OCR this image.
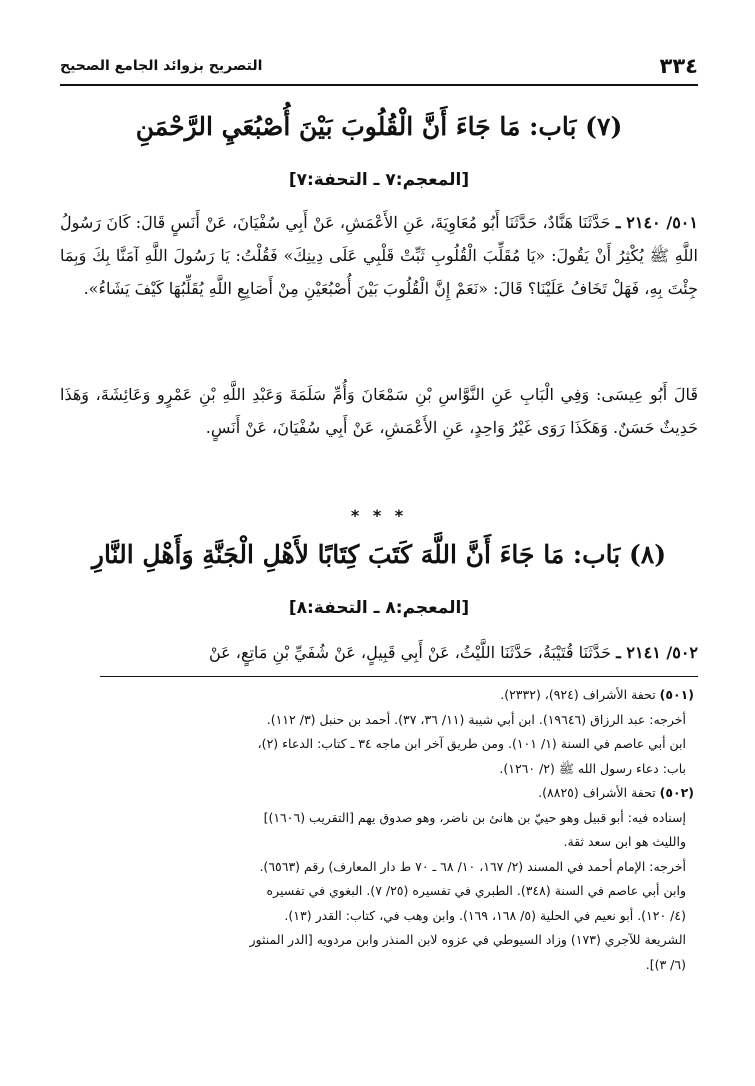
٣٣٤
التصريح بزوائد الجامع الصحيح
(٧) بَاب: مَا جَاءَ أَنَّ الْقُلُوبَ بَيْنَ أُصْبُعَيِ الرَّحْمَنِ
[المعجم:٧ ـ التحفة:٧]
٥٠١/ ٢١٤٠ ـ حَدَّثَنَا هَنَّادٌ، حَدَّثَنَا أَبُو مُعَاوِيَةَ، عَنِ الأَعْمَشِ، عَنْ أَبِي سُفْيَانَ، عَنْ أَنَسٍ قَالَ: كَانَ رَسُولُ اللَّهِ ﷺ يُكْثِرُ أَنْ يَقُولَ: «يَا مُقَلِّبَ الْقُلُوبِ ثَبِّتْ قَلْبِي عَلَى دِينِكَ» فَقُلْتُ: يَا رَسُولَ اللَّهِ آمَنَّا بِكَ وَبِمَا جِئْتَ بِهِ، فَهَلْ تَخَافُ عَلَيْنَا؟ قَالَ: «نَعَمْ إِنَّ الْقُلُوبَ بَيْنَ أُصْبُعَيْنِ مِنْ أَصَابِعِ اللَّهِ يُقَلِّبُهَا كَيْفَ يَشَاءُ».
قَالَ أَبُو عِيسَى: وَفِي الْبَابِ عَنِ النَّوَّاسِ بْنِ سَمْعَانَ وَأُمِّ سَلَمَةَ وَعَبْدِ اللَّهِ بْنِ عَمْرٍو وَعَائِشَةَ، وَهَذَا حَدِيثٌ حَسَنٌ. وَهَكَذَا رَوَى غَيْرُ وَاحِدٍ، عَنِ الأَعْمَشِ، عَنْ أَبِي سُفْيَانَ، عَنْ أَنَسٍ.
* * *
(٨) بَاب: مَا جَاءَ أَنَّ اللَّهَ كَتَبَ كِتَابًا لأَهْلِ الْجَنَّةِ وَأَهْلِ النَّارِ
[المعجم:٨ ـ التحفة:٨]
٥٠٢/ ٢١٤١ ـ حَدَّثَنَا قُتَيْبَةُ، حَدَّثَنَا اللَّيْثُ، عَنْ أَبِي قَبِيلٍ، عَنْ شُفَيِّ بْنِ مَاتِعٍ، عَنْ
(٥٠١) تحفة الأشراف (٩٢٤)، (٢٣٣٢).
أخرجه: عبد الرزاق (١٩٦٤٦). ابن أبي شيبة (١١/ ٣٦، ٣٧). أحمد بن حنبل (٣/ ١١٢).
ابن أبي عاصم في السنة (١/ ١٠١). ومن طريق آخر ابن ماجه ٣٤ ـ كتاب: الدعاء (٢)،
باب: دعاء رسول الله ﷺ (٢/ ١٢٦٠).
(٥٠٢) تحفة الأشراف (٨٨٢٥).
إسناده فيه: أبو قبيل وهو حييّ بن هانئ بن ناضر، وهو صدوق يهم [التقريب (١٦٠٦)]
والليث هو ابن سعد ثقة.
أخرجه: الإمام أحمد في المسند (٢/ ١٦٧، ١٠/ ٦٨ ـ ٧٠ ط دار المعارف) رقم (٦٥٦٣).
وابن أبي عاصم في السنة (٣٤٨). الطبري في تفسيره (٢٥/ ٧). البغوي في تفسيره
(٤/ ١٢٠). أبو نعيم في الحلية (٥/ ١٦٨، ١٦٩). وابن وهب في، كتاب: القدر (١٣).
الشريعة للآجري (١٧٣) وزاد السيوطي في عزوه لابن المنذر وابن مردويه [الدر المنثور
(٦/ ٣)].
